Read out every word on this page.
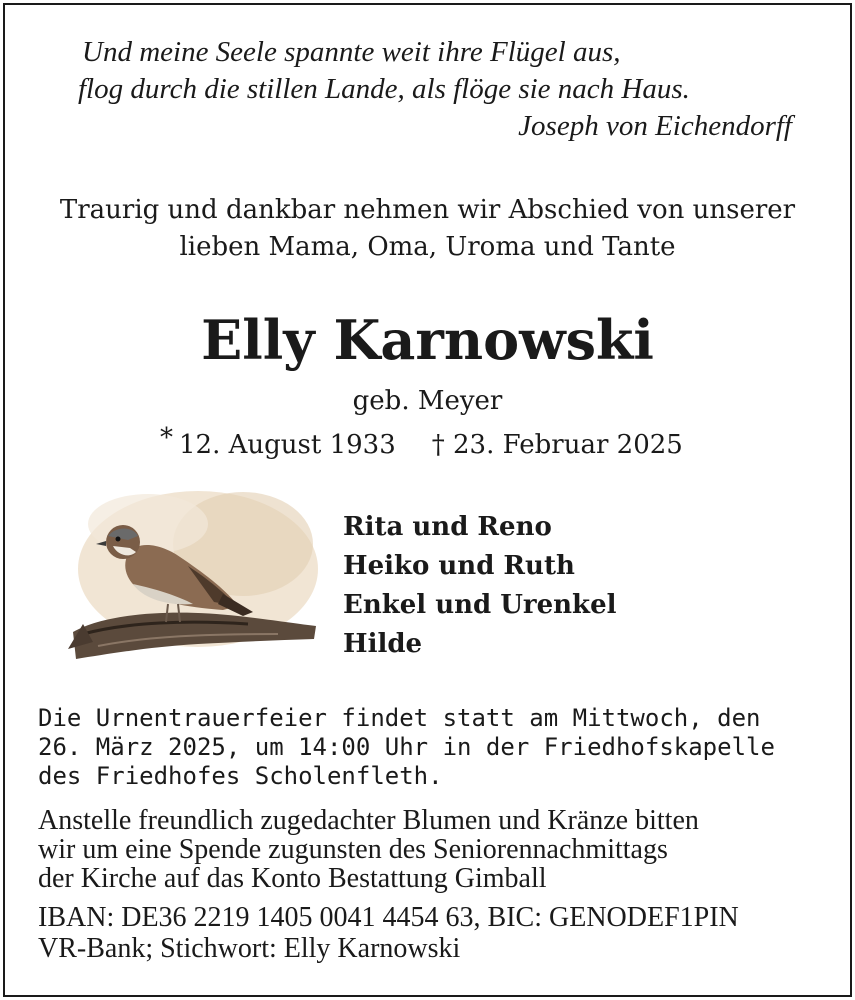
Und meine Seele spannte weit ihre Flügel aus,
flog durch die stillen Lande, als flöge sie nach Haus.
Joseph von Eichendorff
Traurig und dankbar nehmen wir Abschied von unserer
lieben Mama, Oma, Uroma und Tante
Elly Karnowski
geb. Meyer
* 12. August 1933 † 23. Februar 2025
Rita und Reno
Heiko und Ruth
Enkel und Urenkel
Hilde
Die Urnentrauerfeier findet statt am Mittwoch, den
26. März 2025, um 14:00 Uhr in der Friedhofskapelle
des Friedhofes Scholenfleth.
Anstelle freundlich zugedachter Blumen und Kränze bitten
wir um eine Spende zugunsten des Seniorennachmittags
der Kirche auf das Konto Bestattung Gimball
IBAN: DE36 2219 1405 0041 4454 63, BIC: GENODEF1PIN
VR-Bank; Stichwort: Elly Karnowski
